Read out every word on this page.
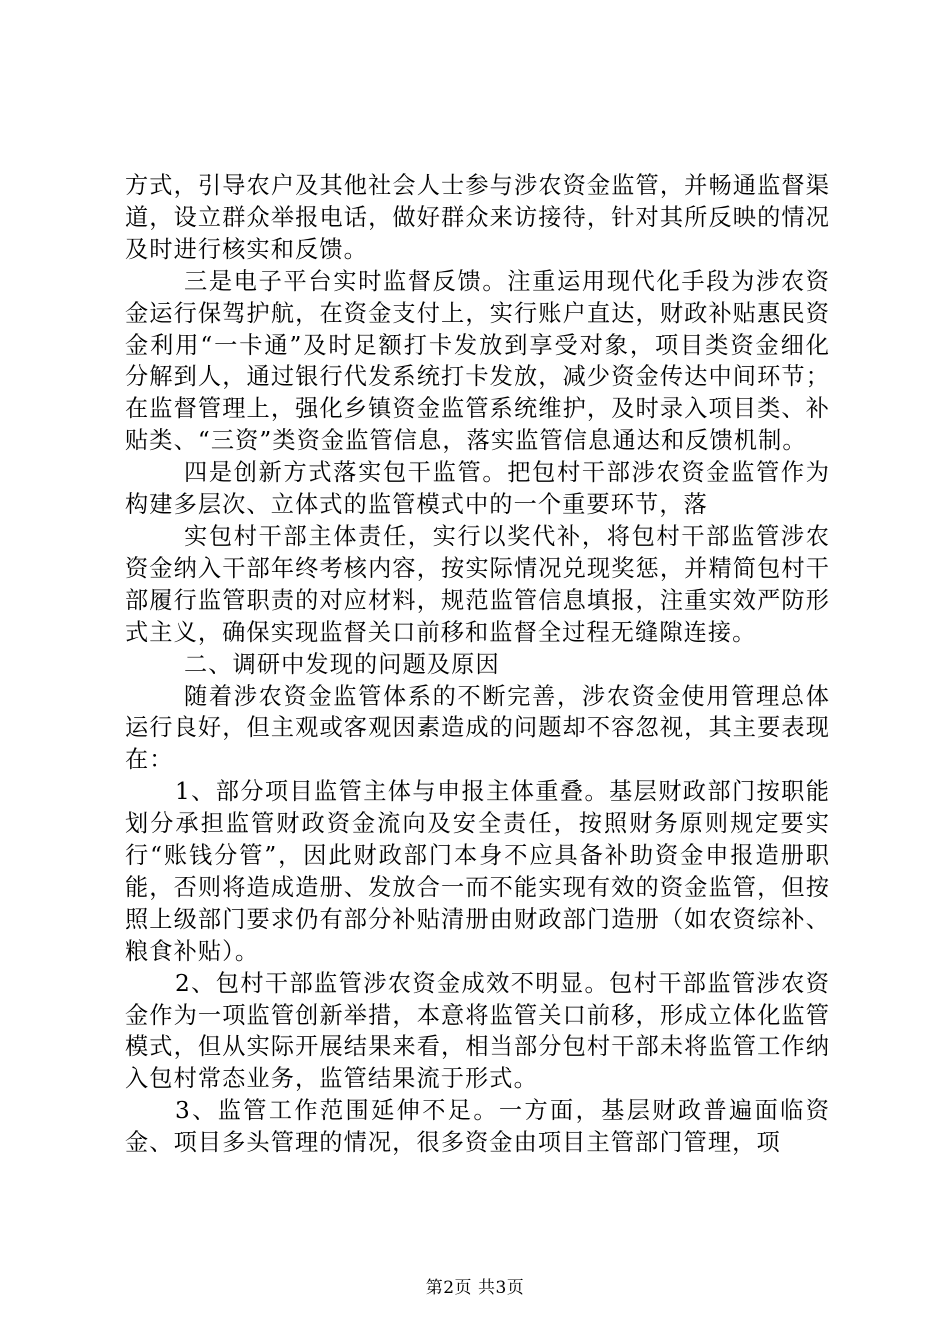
方式，引导农户及其他社会人士参与涉农资金监管，并畅通监督渠道，设立群众举报电话，做好群众来访接待，针对其所反映的情况及时进行核实和反馈。

三是电子平台实时监督反馈。注重运用现代化手段为涉农资金运行保驾护航，在资金支付上，实行账户直达，财政补贴惠民资金利用“一卡通”及时足额打卡发放到享受对象，项目类资金细化分解到人，通过银行代发系统打卡发放，减少资金传达中间环节；在监督管理上，强化乡镇资金监管系统维护，及时录入项目类、补贴类、“三资”类资金监管信息，落实监管信息通达和反馈机制。

四是创新方式落实包干监管。把包村干部涉农资金监管作为构建多层次、立体式的监管模式中的一个重要环节，落

实包村干部主体责任，实行以奖代补，将包村干部监管涉农资金纳入干部年终考核内容，按实际情况兑现奖惩，并精简包村干部履行监管职责的对应材料，规范监管信息填报，注重实效严防形式主义，确保实现监督关口前移和监督全过程无缝隙连接。

二、调研中发现的问题及原因

随着涉农资金监管体系的不断完善，涉农资金使用管理总体运行良好，但主观或客观因素造成的问题却不容忽视，其主要表现在：

1、部分项目监管主体与申报主体重叠。基层财政部门按职能划分承担监管财政资金流向及安全责任，按照财务原则规定要实行“账钱分管”，因此财政部门本身不应具备补助资金申报造册职能，否则将造成造册、发放合一而不能实现有效的资金监管，但按照上级部门要求仍有部分补贴清册由财政部门造册（如农资综补、粮食补贴）。

2、包村干部监管涉农资金成效不明显。包村干部监管涉农资金作为一项监管创新举措，本意将监管关口前移，形成立体化监管模式，但从实际开展结果来看，相当部分包村干部未将监管工作纳入包村常态业务，监管结果流于形式。

3、监管工作范围延伸不足。一方面，基层财政普遍面临资金、项目多头管理的情况，很多资金由项目主管部门管理，项

第2页 共3页
